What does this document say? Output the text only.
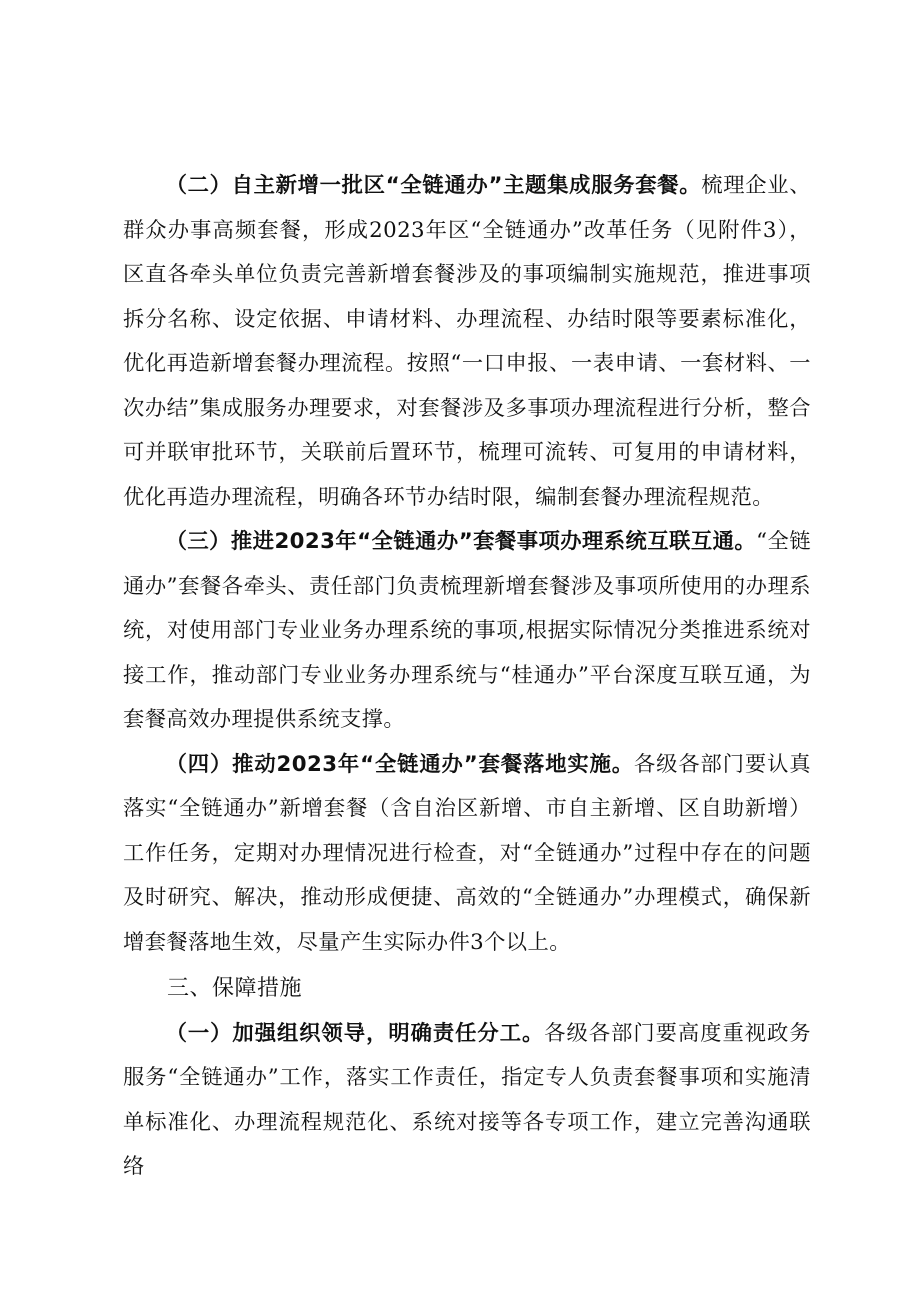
（二）自主新增一批区“全链通办”主题集成服务套餐。梳理企业、群众办事高频套餐，形成2023年区“全链通办”改革任务（见附件3），区直各牵头单位负责完善新增套餐涉及的事项编制实施规范，推进事项拆分名称、设定依据、申请材料、办理流程、办结时限等要素标准化，优化再造新增套餐办理流程。按照“一口申报、一表申请、一套材料、一次办结”集成服务办理要求，对套餐涉及多事项办理流程进行分析，整合可并联审批环节，关联前后置环节，梳理可流转、可复用的申请材料，优化再造办理流程，明确各环节办结时限，编制套餐办理流程规范。

（三）推进2023年“全链通办”套餐事项办理系统互联互通。“全链通办”套餐各牵头、责任部门负责梳理新增套餐涉及事项所使用的办理系统，对使用部门专业业务办理系统的事项,根据实际情况分类推进系统对接工作，推动部门专业业务办理系统与“桂通办”平台深度互联互通，为套餐高效办理提供系统支撑。

（四）推动2023年“全链通办”套餐落地实施。各级各部门要认真落实“全链通办”新增套餐（含自治区新增、市自主新增、区自助新增）工作任务，定期对办理情况进行检查，对“全链通办”过程中存在的问题及时研究、解决，推动形成便捷、高效的“全链通办”办理模式，确保新增套餐落地生效，尽量产生实际办件3个以上。

三、保障措施

（一）加强组织领导，明确责任分工。各级各部门要高度重视政务服务“全链通办”工作，落实工作责任，指定专人负责套餐事项和实施清单标准化、办理流程规范化、系统对接等各专项工作，建立完善沟通联络
